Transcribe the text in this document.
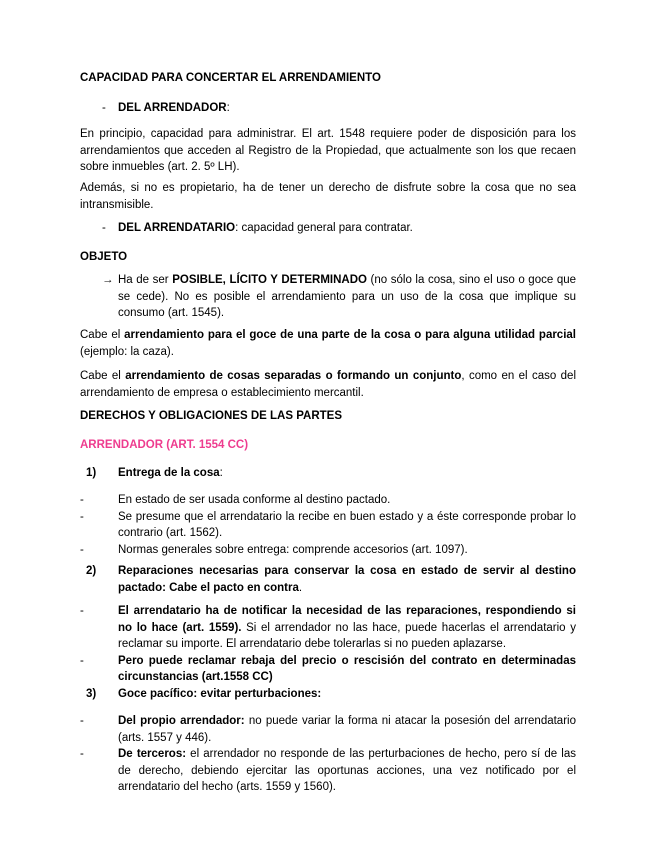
CAPACIDAD PARA CONCERTAR EL ARRENDAMIENTO
-	DEL ARRENDADOR:
En principio, capacidad para administrar. El art. 1548 requiere poder de disposición para los arrendamientos que acceden al Registro de la Propiedad, que actualmente son los que recaen sobre inmuebles (art. 2. 5º LH).
Además, si no es propietario, ha de tener un derecho de disfrute sobre la cosa que no sea intransmisible.
-	DEL ARRENDATARIO: capacidad general para contratar.
OBJETO
→ Ha de ser POSIBLE, LÍCITO Y DETERMINADO (no sólo la cosa, sino el uso o goce que se cede). No es posible el arrendamiento para un uso de la cosa que implique su consumo (art. 1545).
Cabe el arrendamiento para el goce de una parte de la cosa o para alguna utilidad parcial (ejemplo: la caza).
Cabe el arrendamiento de cosas separadas o formando un conjunto, como en el caso del arrendamiento de empresa o establecimiento mercantil.
DERECHOS Y OBLIGACIONES DE LAS PARTES
ARRENDADOR (ART. 1554 CC)
1)	Entrega de la cosa:
-	En estado de ser usada conforme al destino pactado.
-	Se presume que el arrendatario la recibe en buen estado y a éste corresponde probar lo contrario (art. 1562).
-	Normas generales sobre entrega: comprende accesorios (art. 1097).
2)	Reparaciones necesarias para conservar la cosa en estado de servir al destino pactado: Cabe el pacto en contra.
-	El arrendatario ha de notificar la necesidad de las reparaciones, respondiendo si no lo hace (art. 1559). Si el arrendador no las hace, puede hacerlas el arrendatario y reclamar su importe. El arrendatario debe tolerarlas si no pueden aplazarse.
-	Pero puede reclamar rebaja del precio o rescisión del contrato en determinadas circunstancias (art.1558 CC)
3)	Goce pacífico: evitar perturbaciones:
-	Del propio arrendador: no puede variar la forma ni atacar la posesión del arrendatario (arts. 1557 y 446).
-	De terceros: el arrendador no responde de las perturbaciones de hecho, pero sí de las de derecho, debiendo ejercitar las oportunas acciones, una vez notificado por el arrendatario del hecho (arts. 1559 y 1560).
